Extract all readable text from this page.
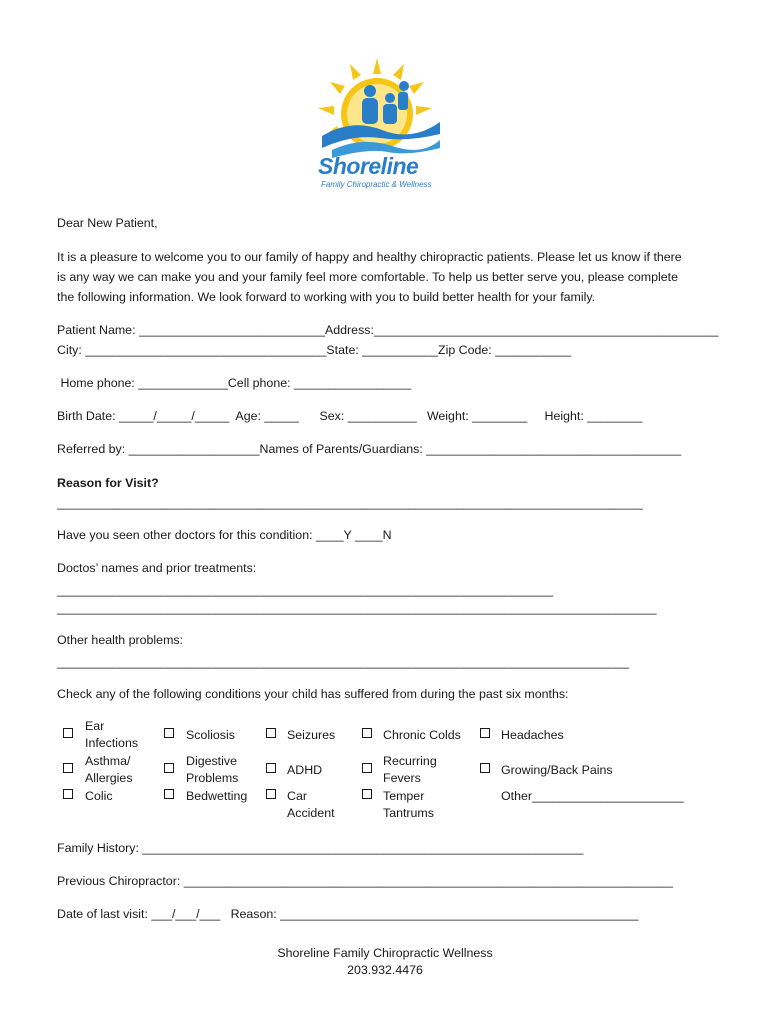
Shoreline
Family Chiropractic & Wellness
Dear New Patient,
It is a pleasure to welcome you to our family of happy and healthy chiropractic patients. Please let us know if there
is any way we can make you and your family feel more comfortable. To help us better serve you, please complete
the following information. We look forward to working with you to build better health for your family.
Patient Name: ___________________________Address:__________________________________________________
City: ___________________________________State: ___________Zip Code: ___________
Home phone: _____________Cell phone: _________________
Birth Date: _____/_____/_____  Age: _____      Sex: __________   Weight: ________     Height: ________
Referred by: ___________________Names of Parents/Guardians: _____________________________________
Reason for Visit?
_____________________________________________________________________________________
Have you seen other doctors for this condition: ____Y ____N
Doctos’ names and prior treatments:
________________________________________________________________________
_______________________________________________________________________________________
Other health problems:
___________________________________________________________________________________
Check any of the following conditions your child has suffered from during the past six months:
Ear
Infections
Asthma/
Allergies
Colic
Scoliosis
Digestive
Problems
Bedwetting
Seizures
ADHD
Car
Accident
Chronic Colds
Recurring
Fevers
Temper
Tantrums
Headaches
Growing/Back Pains
Other______________________
Family History: ________________________________________________________________
Previous Chiropractor: _______________________________________________________________________
Date of last visit: ___/___/___   Reason: ____________________________________________________
Shoreline Family Chiropractic Wellness
203.932.4476
